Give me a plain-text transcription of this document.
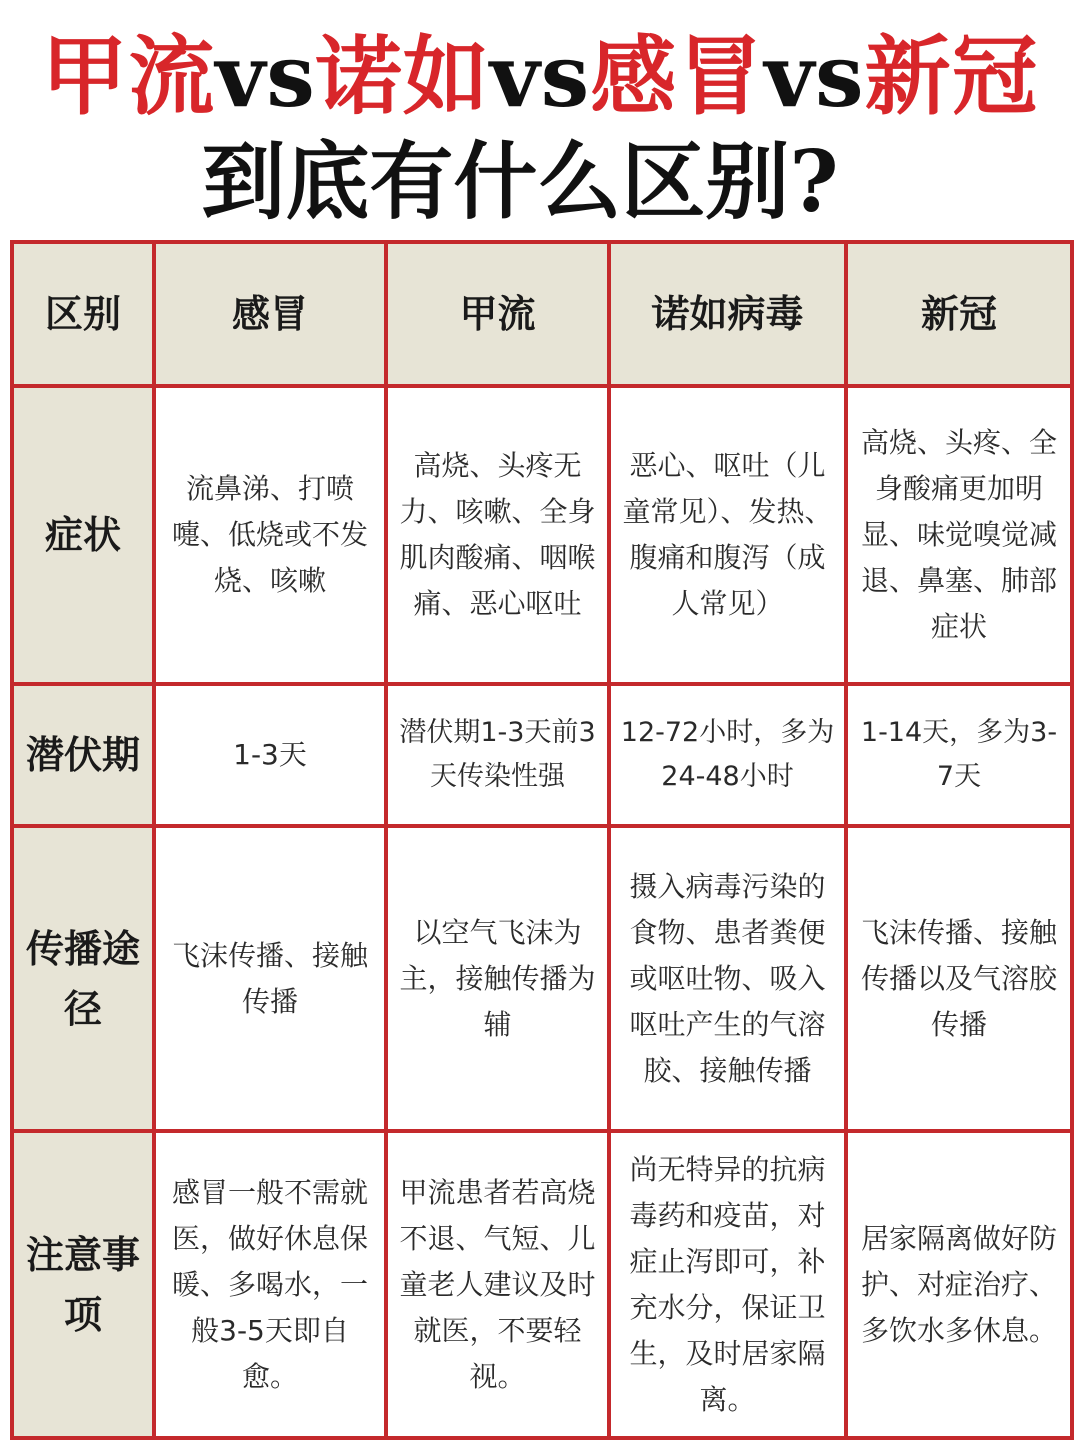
甲流vs诺如vs感冒vs新冠
到底有什么区别?
区别	感冒	甲流	诺如病毒	新冠
症状	流鼻涕、打喷嚏、低烧或不发烧、咳嗽	高烧、头疼无力、咳嗽、全身肌肉酸痛、咽喉痛、恶心呕吐	恶心、呕吐（儿童常见）、发热、腹痛和腹泻（成人常见）	高烧、头疼、全身酸痛更加明显、味觉嗅觉减退、鼻塞、肺部症状
潜伏期	1-3天	潜伏期1-3天前3天传染性强	12-72小时，多为24-48小时	1-14天，多为3-7天
传播途径	飞沫传播、接触传播	以空气飞沫为主，接触传播为辅	摄入病毒污染的食物、患者粪便或呕吐物、吸入呕吐产生的气溶胶、接触传播	飞沫传播、接触传播以及气溶胶传播
注意事项	感冒一般不需就医，做好休息保暖、多喝水，一般3-5天即自愈。	甲流患者若高烧不退、气短、儿童老人建议及时就医，不要轻视。	尚无特异的抗病毒药和疫苗，对症止泻即可，补充水分，保证卫生，及时居家隔离。	居家隔离做好防护、对症治疗、多饮水多休息。
